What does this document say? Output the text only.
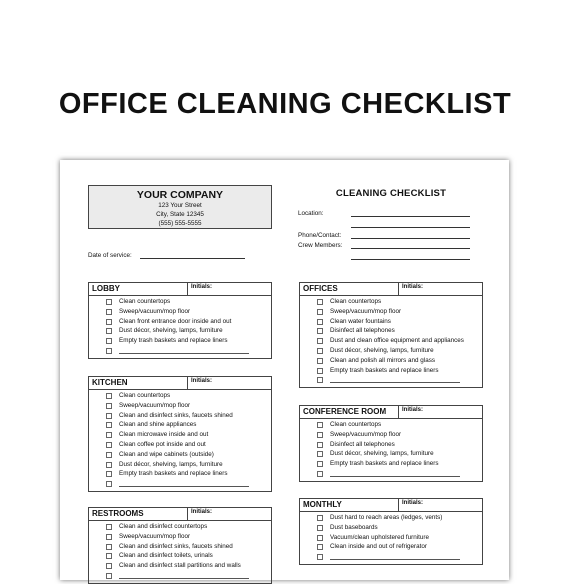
OFFICE CLEANING CHECKLIST
YOUR COMPANY
123 Your Street
City, State 12345
(555) 555-5555
CLEANING CHECKLIST
Location:
Phone/Contact:
Crew Members:
Date of service:
LOBBY	Initials:
Clean countertops
Sweep/vacuum/mop floor
Clean front entrance door inside and out
Dust décor, shelving, lamps, furniture
Empty trash baskets and replace liners
KITCHEN	Initials:
Clean countertops
Sweep/vacuum/mop floor
Clean and disinfect sinks, faucets shined
Clean and shine appliances
Clean microwave inside and out
Clean coffee pot inside and out
Clean and wipe cabinets (outside)
Dust décor, shelving, lamps, furniture
Empty trash baskets and replace liners
RESTROOMS	Initials:
Clean and disinfect countertops
Sweep/vacuum/mop floor
Clean and disinfect sinks, faucets shined
Clean and disinfect toilets, urinals
Clean and disinfect stall partitions and walls
OFFICES	Initials:
Clean countertops
Sweep/vacuum/mop floor
Clean water fountains
Disinfect all telephones
Dust and clean office equipment and appliances
Dust décor, shelving, lamps, furniture
Clean and polish all mirrors and glass
Empty trash baskets and replace liners
CONFERENCE ROOM	Initials:
Clean countertops
Sweep/vacuum/mop floor
Disinfect all telephones
Dust décor, shelving, lamps, furniture
Empty trash baskets and replace liners
MONTHLY	Initials:
Dust hard to reach areas (ledges, vents)
Dust baseboards
Vacuum/clean upholstered furniture
Clean inside and out of refrigerator
